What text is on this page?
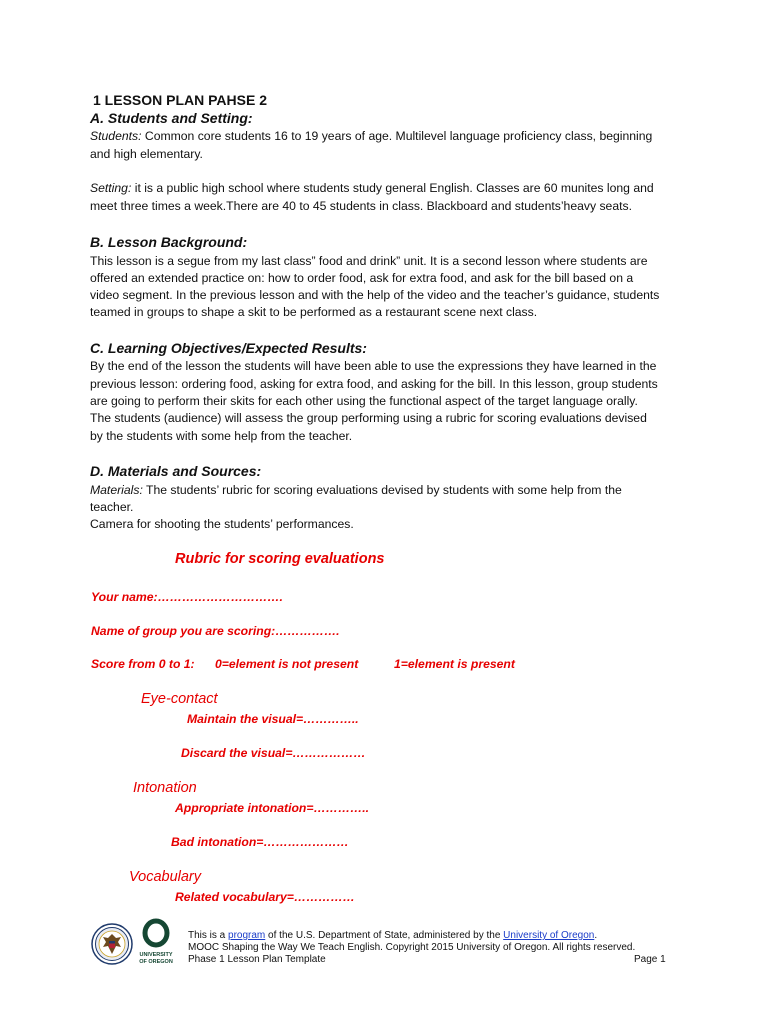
1 LESSON PLAN PAHSE 2
A. Students and Setting:
Students: Common core students 16 to 19 years of age. Multilevel language proficiency class, beginning
and high elementary.
Setting: it is a public high school where students study general English. Classes are 60 munites long and
meet three times a week.There are 40 to 45 students in class. Blackboard and students’heavy seats.
B. Lesson Background:
This lesson is a segue from my last class” food and drink” unit. It is a second lesson where students are
offered an extended practice on: how to order food, ask for extra food, and ask for the bill based on a
video segment. In the previous lesson and with the help of the video and the teacher’s guidance, students
teamed in groups to shape a skit to be performed as a restaurant scene next class.
C. Learning Objectives/Expected Results:
By the end of the lesson the students will have been able to use the expressions they have learned in the
previous lesson: ordering food, asking for extra food, and asking for the bill. In this lesson, group students
are going to perform their skits for each other using the functional aspect of the target language orally.
The students (audience) will assess the group performing using a rubric for scoring evaluations devised
by the students with some help from the teacher.
D. Materials and Sources:
Materials: The students’ rubric for scoring evaluations devised by students with some help from the
teacher.
Camera for shooting the students’ performances.
Rubric for scoring evaluations
Your name:………………………….
Name of group you are scoring:…………….
Score from 0 to 1: 0=element is not present	1=element is present
Eye-contact
Maintain the visual=…………..
Discard the visual=………………
Intonation
Appropriate intonation=…………..
Bad intonation=…………………
Vocabulary
Related vocabulary=……………
UNIVERSITY
OF OREGON
This is a program of the U.S. Department of State, administered by the University of Oregon.
MOOC Shaping the Way We Teach English. Copyright 2015 University of Oregon. All rights reserved.
Phase 1 Lesson Plan Template	Page 1
